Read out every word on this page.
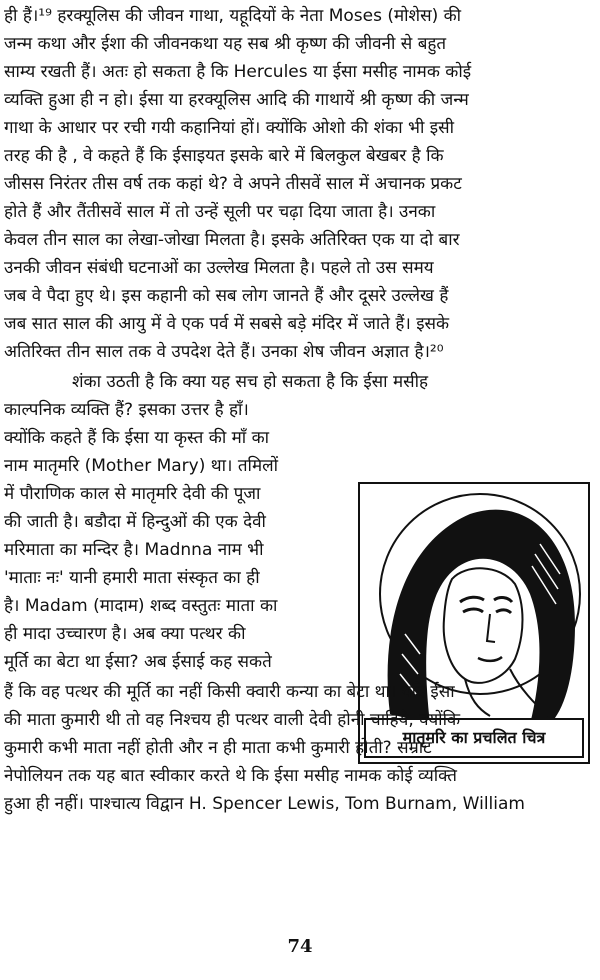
ही हैं।¹⁹ हरक्यूलिस की जीवन गाथा, यहूदियों के नेता Moses (मोशेस) की
जन्म कथा और ईशा की जीवनकथा यह सब श्री कृष्ण की जीवनी से बहुत
साम्य रखती हैं। अतः हो सकता है कि Hercules या ईसा मसीह नामक कोई
व्यक्ति हुआ ही न हो। ईसा या हरक्यूलिस आदि की गाथायें श्री कृष्ण की जन्म
गाथा के आधार पर रची गयी कहानियां हों। क्योंकि ओशो की शंका भी इसी
तरह की है , वे कहते हैं कि ईसाइयत इसके बारे में बिलकुल बेखबर है कि
जीसस निरंतर तीस वर्ष तक कहां थे? वे अपने तीसवें साल में अचानक प्रकट
होते हैं और तैंतीसवें साल में तो उन्हें सूली पर चढ़ा दिया जाता है। उनका
केवल तीन साल का लेखा-जोखा मिलता है। इसके अतिरिक्त एक या दो बार
उनकी जीवन संबंधी घटनाओं का उल्लेख मिलता है। पहले तो उस समय
जब वे पैदा हुए थे। इस कहानी को सब लोग जानते हैं और दूसरे उल्लेख हैं
जब सात साल की आयु में वे एक पर्व में सबसे बड़े मंदिर में जाते हैं। इसके
अतिरिक्त तीन साल तक वे उपदेश देते हैं। उनका शेष जीवन अज्ञात है।²⁰
शंका उठती है कि क्या यह सच हो सकता है कि ईसा मसीह
काल्पनिक व्यक्ति हैं? इसका उत्तर है हाँ।
क्योंकि कहते हैं कि ईसा या कृस्त की माँ का
नाम मातृमरि (Mother Mary) था। तमिलों
में पौराणिक काल से मातृमरि देवी की पूजा
की जाती है। बडौदा में हिन्दुओं की एक देवी
मरिमाता का मन्दिर है। Madnna नाम भी
'माताः नः' यानी हमारी माता संस्कृत का ही
है। Madam (मादाम) शब्द वस्तुतः माता का
ही मादा उच्चारण है। अब क्या पत्थर की
मूर्ति का बेटा था ईसा? अब ईसाई कह सकते
मातृमरि का प्रचलित चित्र
हैं कि वह पत्थर की मूर्ति का नहीं किसी क्वारी कन्या का बेटा था। यदि ईसा
की माता कुमारी थी तो वह निश्चय ही पत्थर वाली देवी होनी चाहिये, क्योंकि
कुमारी कभी माता नहीं होती और न ही माता कभी कुमारी होती? सम्राट
नेपोलियन तक यह बात स्वीकार करते थे कि ईसा मसीह नामक कोई व्यक्ति
हुआ ही नहीं। पाश्चात्य विद्वान H. Spencer Lewis, Tom Burnam, William
74
